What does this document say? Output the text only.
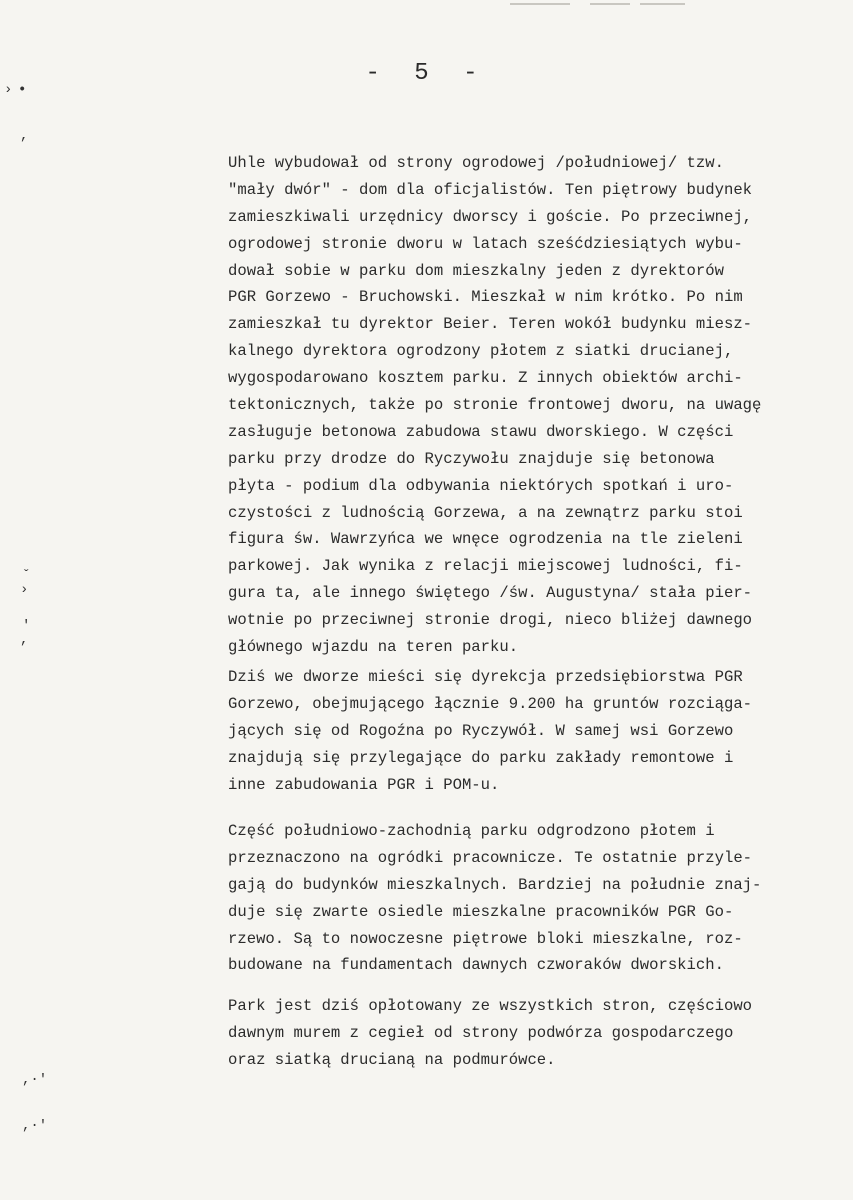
- 5 -
› •
,
ˇ
›
'
,
,·'
,·'
Uhle wybudował od strony ogrodowej /południowej/ tzw.
"mały dwór" - dom dla oficjalistów. Ten piętrowy budynek
zamieszkiwali urzędnicy dworscy i goście. Po przeciwnej,
ogrodowej stronie dworu w latach sześćdziesiątych wybu-
dował sobie w parku dom mieszkalny jeden z dyrektorów
PGR Gorzewo - Bruchowski. Mieszkał w nim krótko. Po nim
zamieszkał tu dyrektor Beier. Teren wokół budynku miesz-
kalnego dyrektora ogrodzony płotem z siatki drucianej,
wygospodarowano kosztem parku. Z innych obiektów archi-
tektonicznych, także po stronie frontowej dworu, na uwagę
zasługuje betonowa zabudowa stawu dworskiego. W części
parku przy drodze do Ryczywołu znajduje się betonowa
płyta - podium dla odbywania niektórych spotkań i uro-
czystości z ludnością Gorzewa, a na zewnątrz parku stoi
figura św. Wawrzyńca we wnęce ogrodzenia na tle zieleni
parkowej. Jak wynika z relacji miejscowej ludności, fi-
gura ta, ale innego świętego /św. Augustyna/ stała pier-
wotnie po przeciwnej stronie drogi, nieco bliżej dawnego
głównego wjazdu na teren parku.
Dziś we dworze mieści się dyrekcja przedsiębiorstwa PGR
Gorzewo, obejmującego łącznie 9.200 ha gruntów rozciąga-
jących się od Rogoźna po Ryczywół. W samej wsi Gorzewo
znajdują się przylegające do parku zakłady remontowe i
inne zabudowania PGR i POM-u.
Część południowo-zachodnią parku odgrodzono płotem i
przeznaczono na ogródki pracownicze. Te ostatnie przyle-
gają do budynków mieszkalnych. Bardziej na południe znaj-
duje się zwarte osiedle mieszkalne pracowników PGR Go-
rzewo. Są to nowoczesne piętrowe bloki mieszkalne, roz-
budowane na fundamentach dawnych czworaków dworskich.
Park jest dziś opłotowany ze wszystkich stron, częściowo
dawnym murem z cegieł od strony podwórza gospodarczego
oraz siatką drucianą na podmurówce.
